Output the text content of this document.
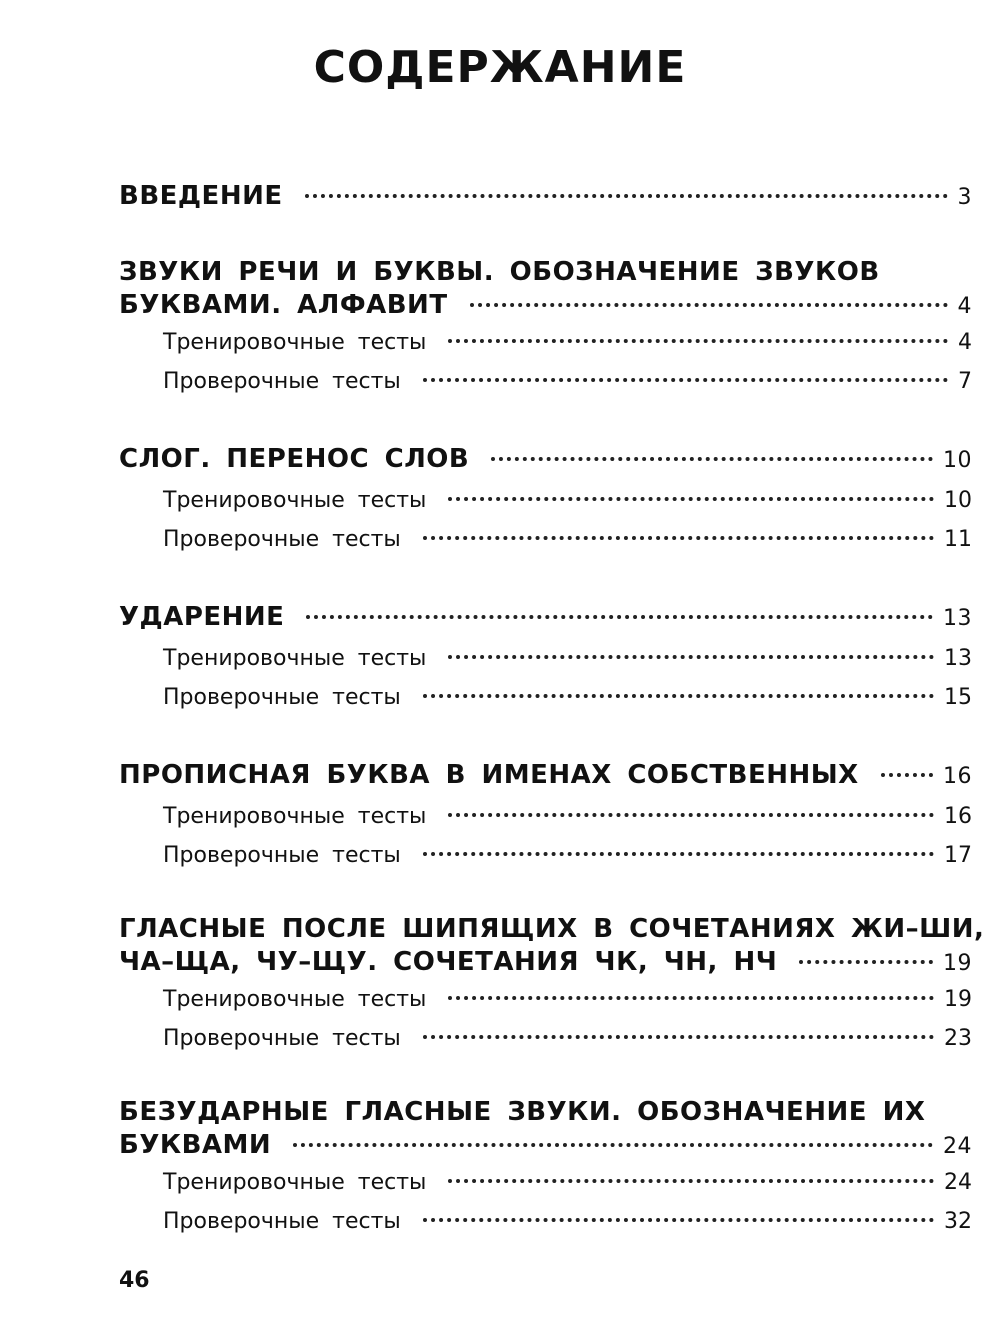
СОДЕРЖАНИЕ
ВВЕДЕНИЕ	3
ЗВУКИ РЕЧИ И БУКВЫ. ОБОЗНАЧЕНИЕ ЗВУКОВ
БУКВАМИ. АЛФАВИТ	4
Тренировочные тесты	4
Проверочные тесты	7
СЛОГ. ПЕРЕНОС СЛОВ	10
Тренировочные тесты	10
Проверочные тесты	11
УДАРЕНИЕ	13
Тренировочные тесты	13
Проверочные тесты	15
ПРОПИСНАЯ БУКВА В ИМЕНАХ СОБСТВЕННЫХ	16
Тренировочные тесты	16
Проверочные тесты	17
ГЛАСНЫЕ ПОСЛЕ ШИПЯЩИХ В СОЧЕТАНИЯХ ЖИ–ШИ,
ЧА–ЩА, ЧУ–ЩУ. СОЧЕТАНИЯ ЧК, ЧН, НЧ	19
Тренировочные тесты	19
Проверочные тесты	23
БЕЗУДАРНЫЕ ГЛАСНЫЕ ЗВУКИ. ОБОЗНАЧЕНИЕ ИХ
БУКВАМИ	24
Тренировочные тесты	24
Проверочные тесты	32
46
